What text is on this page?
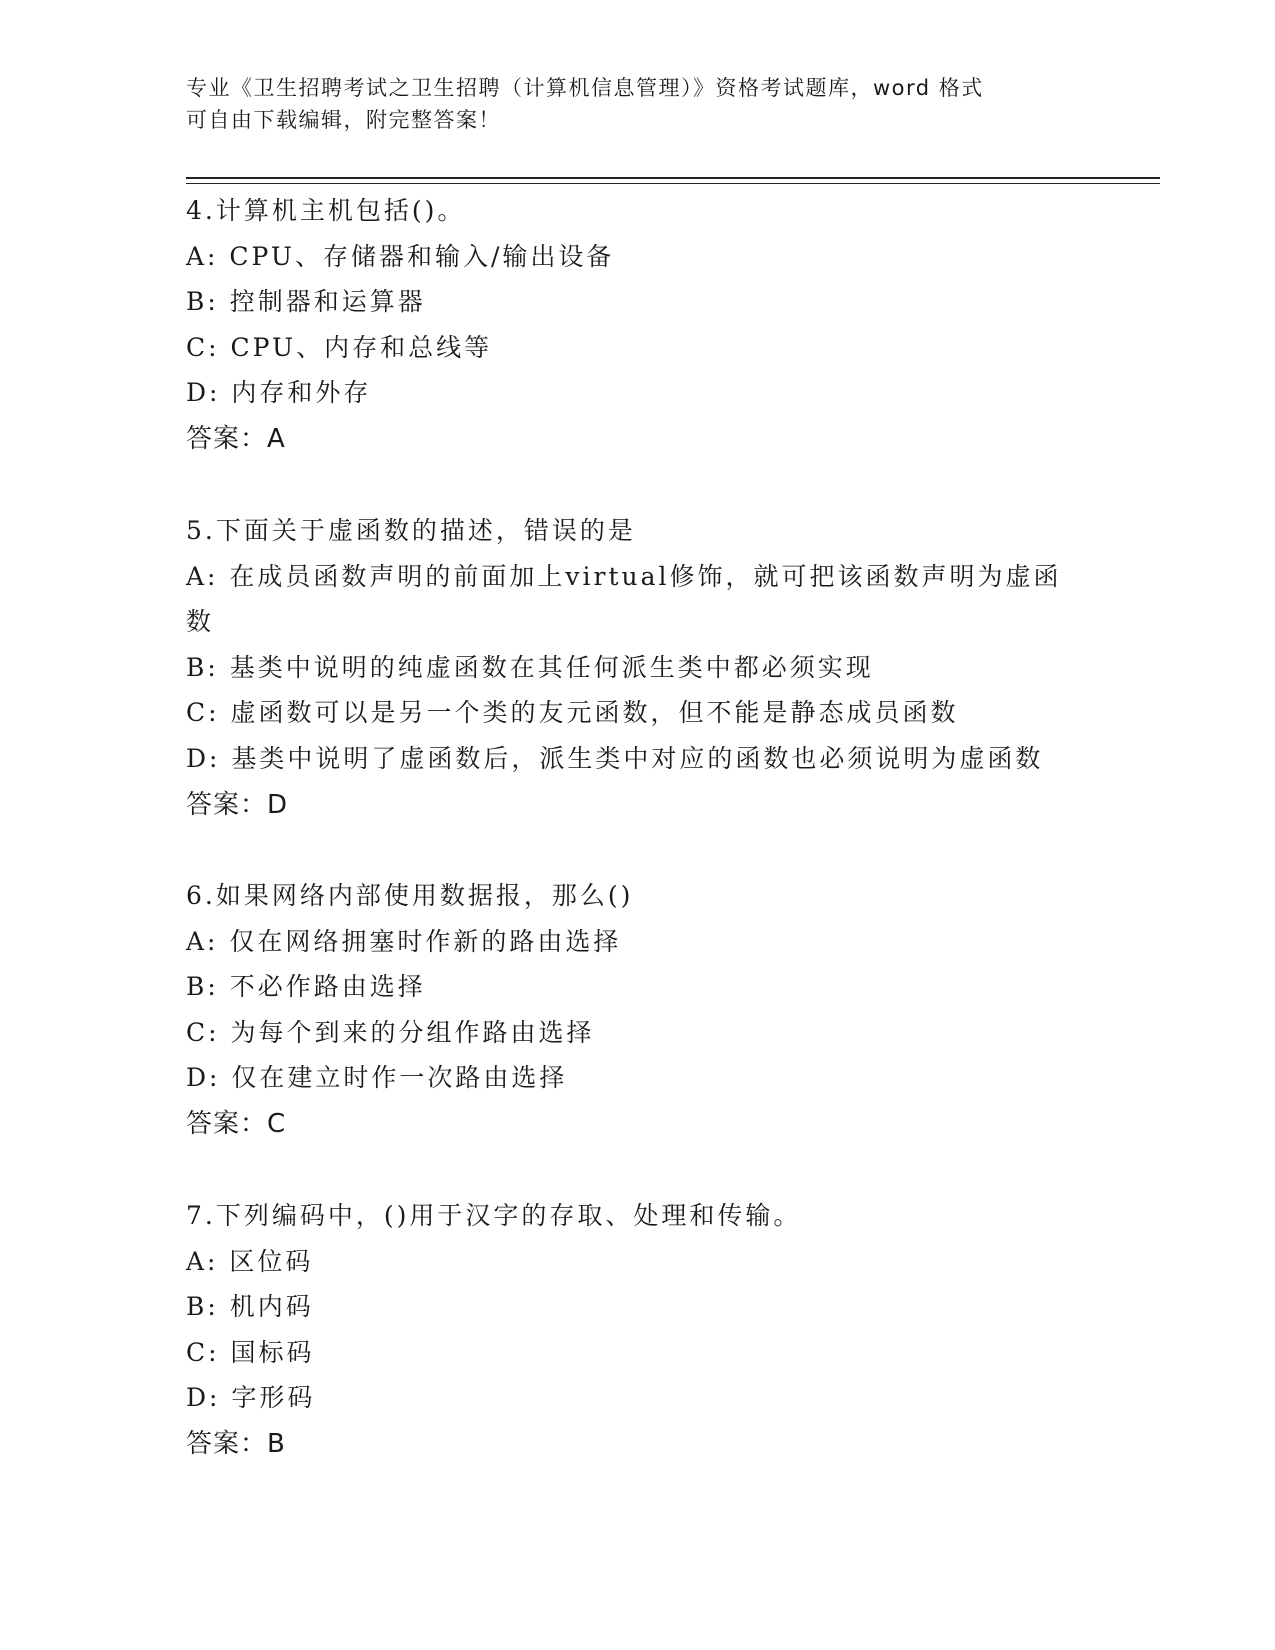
专业《卫生招聘考试之卫生招聘（计算机信息管理）》资格考试题库，word 格式
可自由下载编辑，附完整答案！
4.计算机主机包括()。
A: CPU、存储器和输入/输出设备
B: 控制器和运算器
C: CPU、内存和总线等
D: 内存和外存
答案：A
5.下面关于虚函数的描述，错误的是
A: 在成员函数声明的前面加上virtual修饰，就可把该函数声明为虚函数
B: 基类中说明的纯虚函数在其任何派生类中都必须实现
C: 虚函数可以是另一个类的友元函数，但不能是静态成员函数
D: 基类中说明了虚函数后，派生类中对应的函数也必须说明为虚函数
答案：D
6.如果网络内部使用数据报，那么()
A: 仅在网络拥塞时作新的路由选择
B: 不必作路由选择
C: 为每个到来的分组作路由选择
D: 仅在建立时作一次路由选择
答案：C
7.下列编码中，()用于汉字的存取、处理和传输。
A: 区位码
B: 机内码
C: 国标码
D: 字形码
答案：B
